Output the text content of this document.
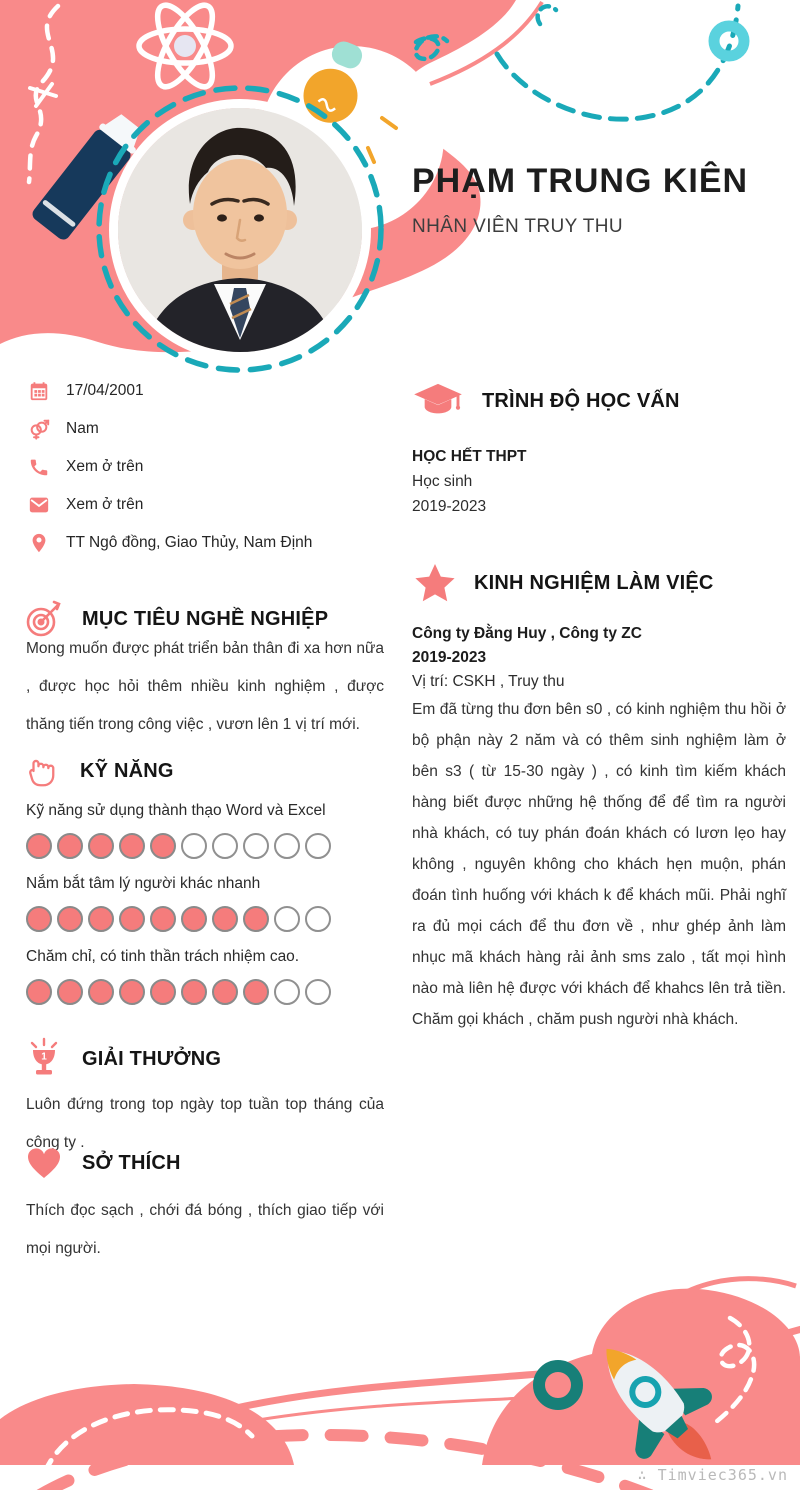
PHẠM TRUNG KIÊN
NHÂN VIÊN TRUY THU
17/04/2001
Nam
Xem ở trên
Xem ở trên
TT Ngô đồng, Giao Thủy, Nam Định
MỤC TIÊU NGHỀ NGHIỆP
Mong muốn được phát triển bản thân đi xa hơn nữa , được học hỏi thêm nhiều kinh nghiệm , được thăng tiến trong công việc , vươn lên 1 vị trí mới.
KỸ NĂNG
Kỹ năng sử dụng thành thạo Word và Excel
Nắm bắt tâm lý người khác nhanh
Chăm chỉ, có tinh thần trách nhiệm cao.
1 GIẢI THƯỞNG
Luôn đứng trong top ngày top tuần top tháng của công ty .
SỞ THÍCH
Thích đọc sạch , chới đá bóng , thích giao tiếp với mọi người.
TRÌNH ĐỘ HỌC VẤN
HỌC HẾT THPT
Học sinh
2019-2023
KINH NGHIỆM LÀM VIỆC
Công ty Đằng Huy , Công ty ZC
2019-2023
Vị trí: CSKH , Truy thu
Em đã từng thu đơn bên s0 , có kinh nghiệm thu hồi ở bộ phận này 2 năm và có thêm sinh nghiệm làm ở bên s3 ( từ 15-30 ngày ) , có kinh tìm kiếm khách hàng biết được những hệ thống để để tìm ra người nhà khách, có tuy phán đoán khách có lươn lẹo hay không , nguyên không cho khách hẹn muộn, phán đoán tình huống với khách k để khách mũi. Phải nghĩ ra đủ mọi cách để thu đơn về , như ghép ảnh làm nhục mã khách hàng rải ảnh sms zalo , tất mọi hình nào mà liên hệ được với khách để khahcs lên trả tiền. Chăm gọi khách , chăm push người nhà khách.
∴ Timviec365.vn
